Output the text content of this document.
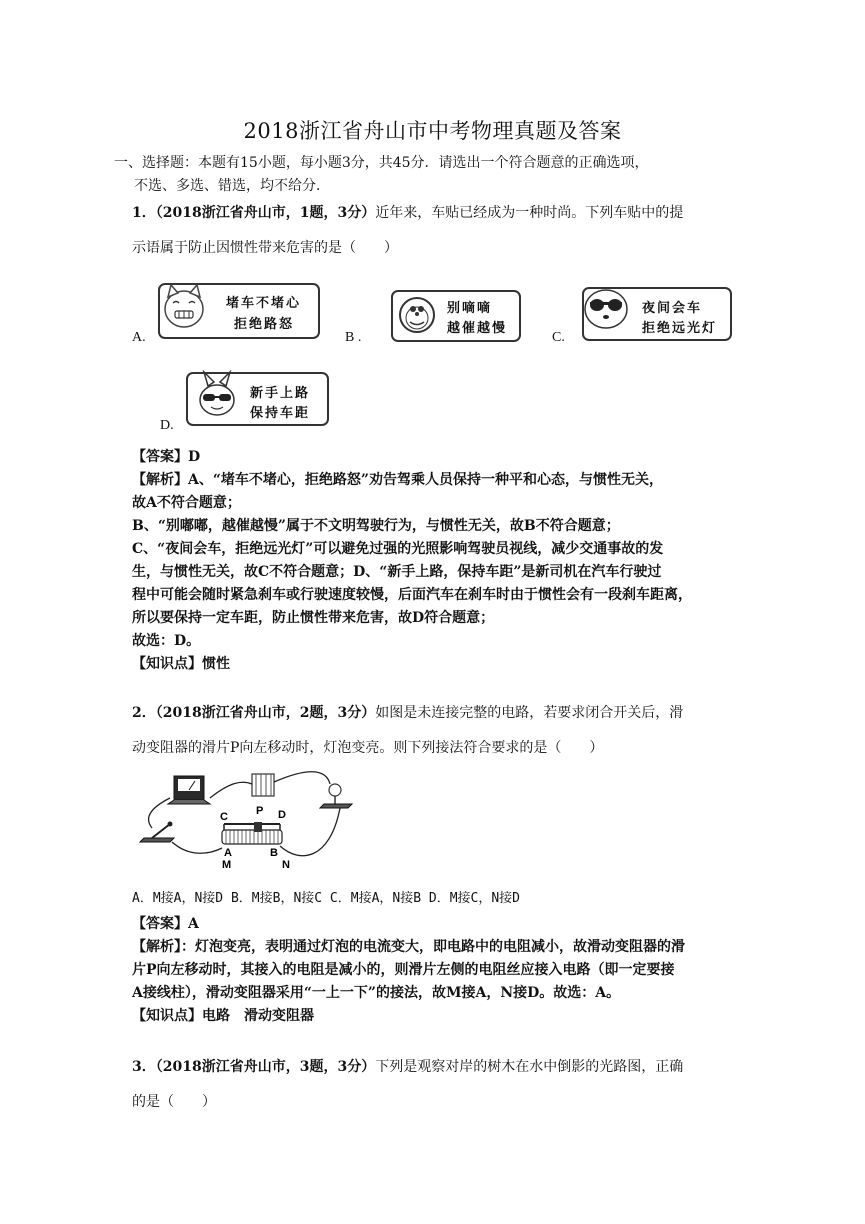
2018浙江省舟山市中考物理真题及答案
一、选择题：本题有15小题，每小题3分，共45分．请选出一个符合题意的正确选项，
不选、多选、错选，均不给分．
1．（2018浙江省舟山市，1题，3分）近年来，车贴已经成为一种时尚。下列车贴中的提
示语属于防止因惯性带来危害的是（　　）
A.
堵车不堵心
拒绝路怒
B .
别嘀嘀
越催越慢
C.
夜间会车
拒绝远光灯
D.
新手上路
保持车距
【答案】D
【解析】A、“堵车不堵心，拒绝路怒”劝告驾乘人员保持一种平和心态，与惯性无关，
故A不符合题意；
B、“别嘟嘟，越催越慢”属于不文明驾驶行为，与惯性无关，故B不符合题意；
C、“夜间会车，拒绝远光灯”可以避免过强的光照影响驾驶员视线，减少交通事故的发
生，与惯性无关，故C不符合题意；D、“新手上路，保持车距”是新司机在汽车行驶过
程中可能会随时紧急刹车或行驶速度较慢，后面汽车在刹车时由于惯性会有一段刹车距离，
所以要保持一定车距，防止惯性带来危害，故D符合题意；
故选：D。
【知识点】惯性
2．（2018浙江省舟山市，2题，3分）如图是未连接完整的电路，若要求闭合开关后，滑
动变阻器的滑片P向左移动时，灯泡变亮。则下列接法符合要求的是（　　）
C	P D
A	B
M	N
A．M接A，N接D B．M接B，N接C C．M接A，N接B D．M接C，N接D
【答案】A
【解析】：灯泡变亮，表明通过灯泡的电流变大，即电路中的电阻减小，故滑动变阻器的滑
片P向左移动时，其接入的电阻是减小的，则滑片左侧的电阻丝应接入电路（即一定要接
A接线柱），滑动变阻器采用“一上一下”的接法，故M接A，N接D。故选：A。
【知识点】电路　滑动变阻器
3．（2018浙江省舟山市，3题，3分）下列是观察对岸的树木在水中倒影的光路图，正确
的是（　　）
